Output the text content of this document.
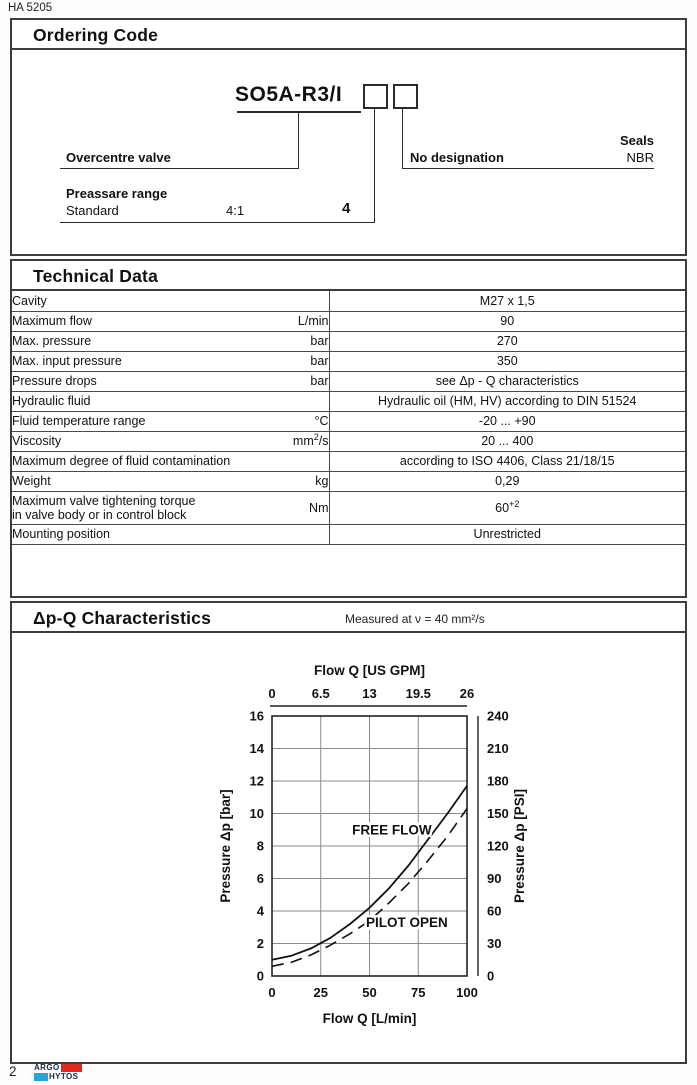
HA 5205
Ordering Code
SO5A-R3/I
Overcentre valve
Preassare range
Standard	4:1	4
No designation
Seals
NBR
Technical Data
Cavity		M27 x 1,5
Maximum flow	L/min	90
Max. pressure	bar	270
Max. input pressure	bar	350
Pressure drops	bar	see Δp - Q characteristics
Hydraulic fluid		Hydraulic oil (HM, HV) according to DIN 51524
Fluid temperature range	°C	-20 ... +90
Viscosity	$mm^2/s$	20 ... 400
Maximum degree of fluid contamination		according to ISO 4406, Class 21/18/15
Weight	kg	0,29
Maximum valve tightening torque
in valve body or in control block	Nm	$60^{+2}$
Mounting position		Unrestricted
Δp-Q Characteristics	Measured at ν = 40 mm²/s
0	25	50	75 100
0
2
4
6
8
10
12
14
16
0	6.5 13 19.5 26
0
30
60
90
120
150
180
210
240
Flow Q [US GPM]
Flow Q [L/min]
Pressure Δp [bar]	Pressure Δp [PSI]
FREE FLOW
PILOT OPEN
2 ARGO
HYTOS
